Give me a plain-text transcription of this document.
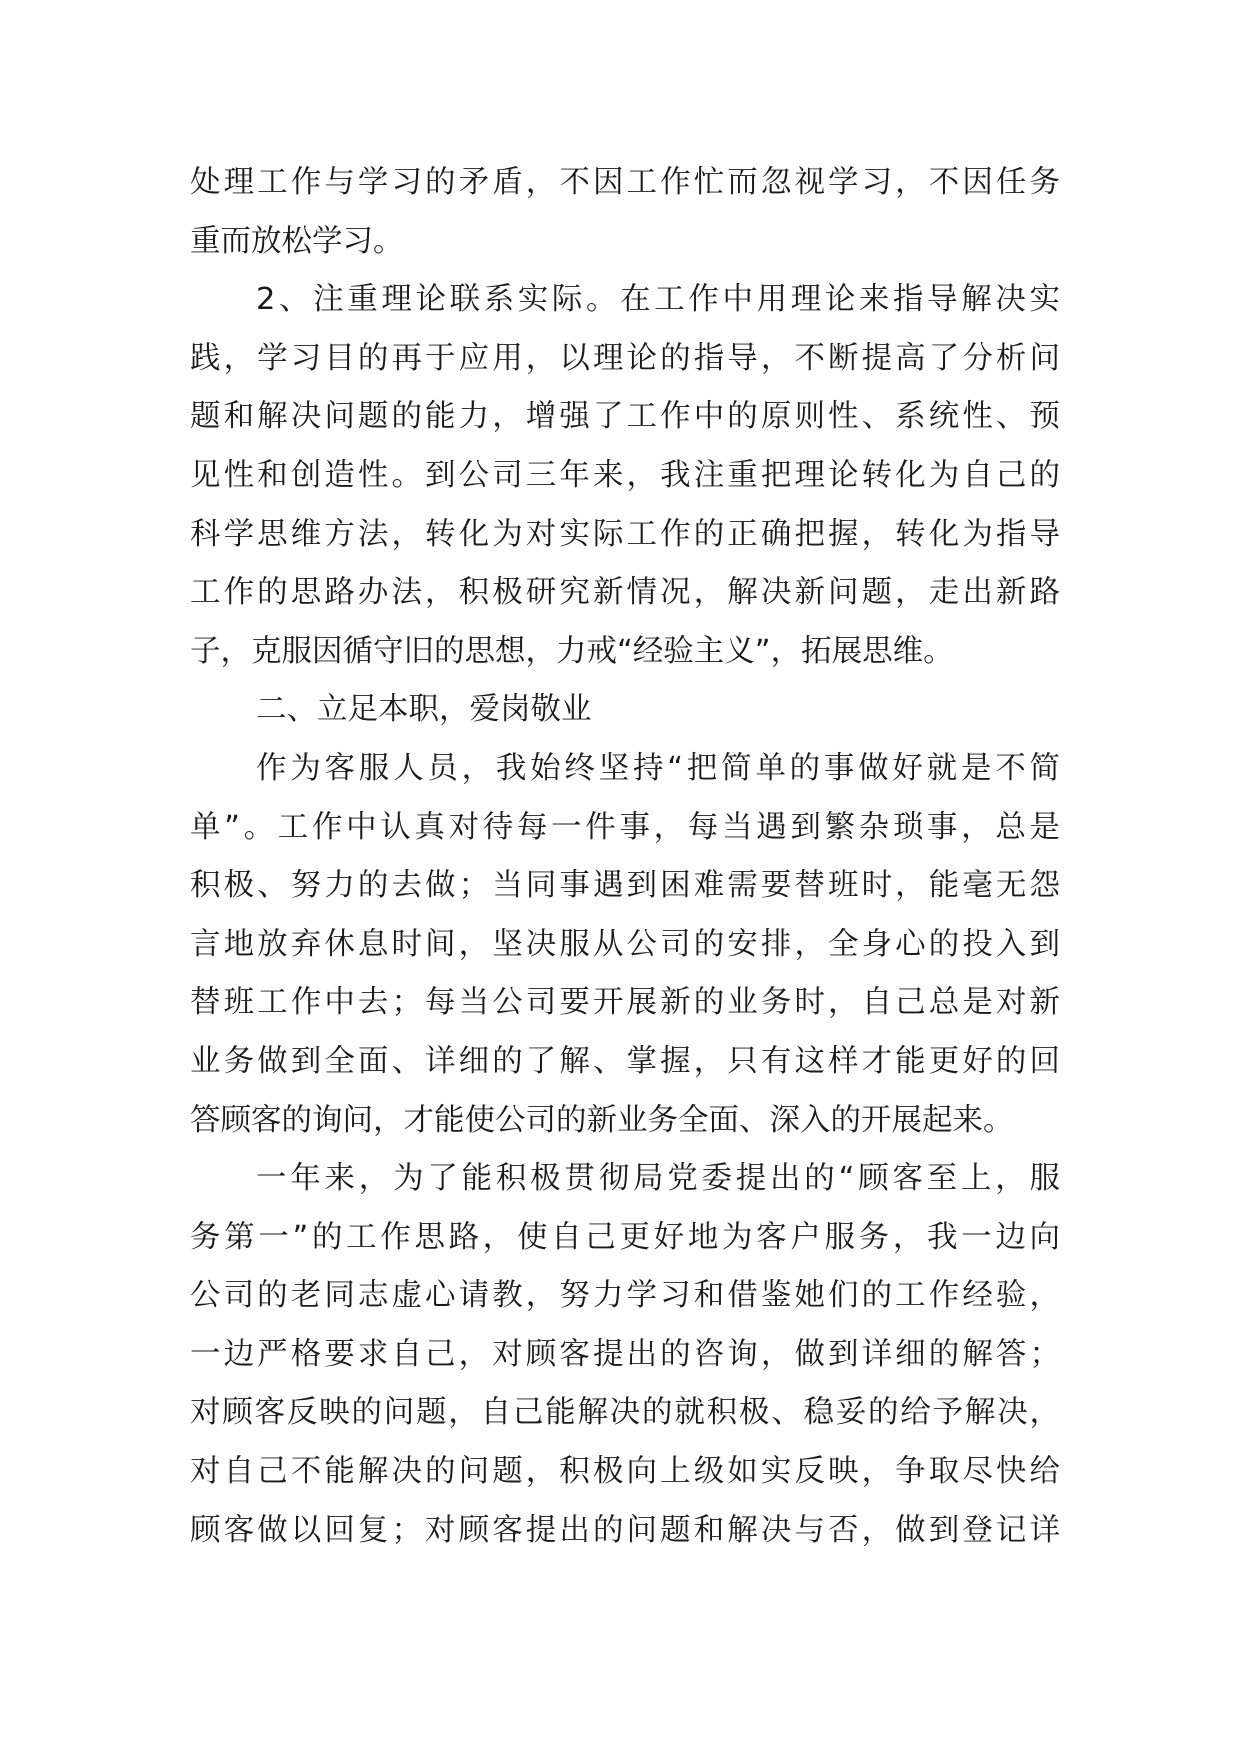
处理工作与学习的矛盾，不因工作忙而忽视学习，不因任务
重而放松学习。
2、注重理论联系实际。在工作中用理论来指导解决实
践，学习目的再于应用，以理论的指导，不断提高了分析问
题和解决问题的能力，增强了工作中的原则性、系统性、预
见性和创造性。到公司三年来，我注重把理论转化为自己的
科学思维方法，转化为对实际工作的正确把握，转化为指导
工作的思路办法，积极研究新情况，解决新问题，走出新路
子，克服因循守旧的思想，力戒“经验主义”，拓展思维。
二、立足本职，爱岗敬业
作为客服人员，我始终坚持“把简单的事做好就是不简
单”。工作中认真对待每一件事，每当遇到繁杂琐事，总是
积极、努力的去做；当同事遇到困难需要替班时，能毫无怨
言地放弃休息时间，坚决服从公司的安排，全身心的投入到
替班工作中去；每当公司要开展新的业务时，自己总是对新
业务做到全面、详细的了解、掌握，只有这样才能更好的回
答顾客的询问，才能使公司的新业务全面、深入的开展起来。
一年来，为了能积极贯彻局党委提出的“顾客至上，服
务第一”的工作思路，使自己更好地为客户服务，我一边向
公司的老同志虚心请教，努力学习和借鉴她们的工作经验，
一边严格要求自己，对顾客提出的咨询，做到详细的解答；
对顾客反映的问题，自己能解决的就积极、稳妥的给予解决，
对自己不能解决的问题，积极向上级如实反映，争取尽快给
顾客做以回复；对顾客提出的问题和解决与否，做到登记详
